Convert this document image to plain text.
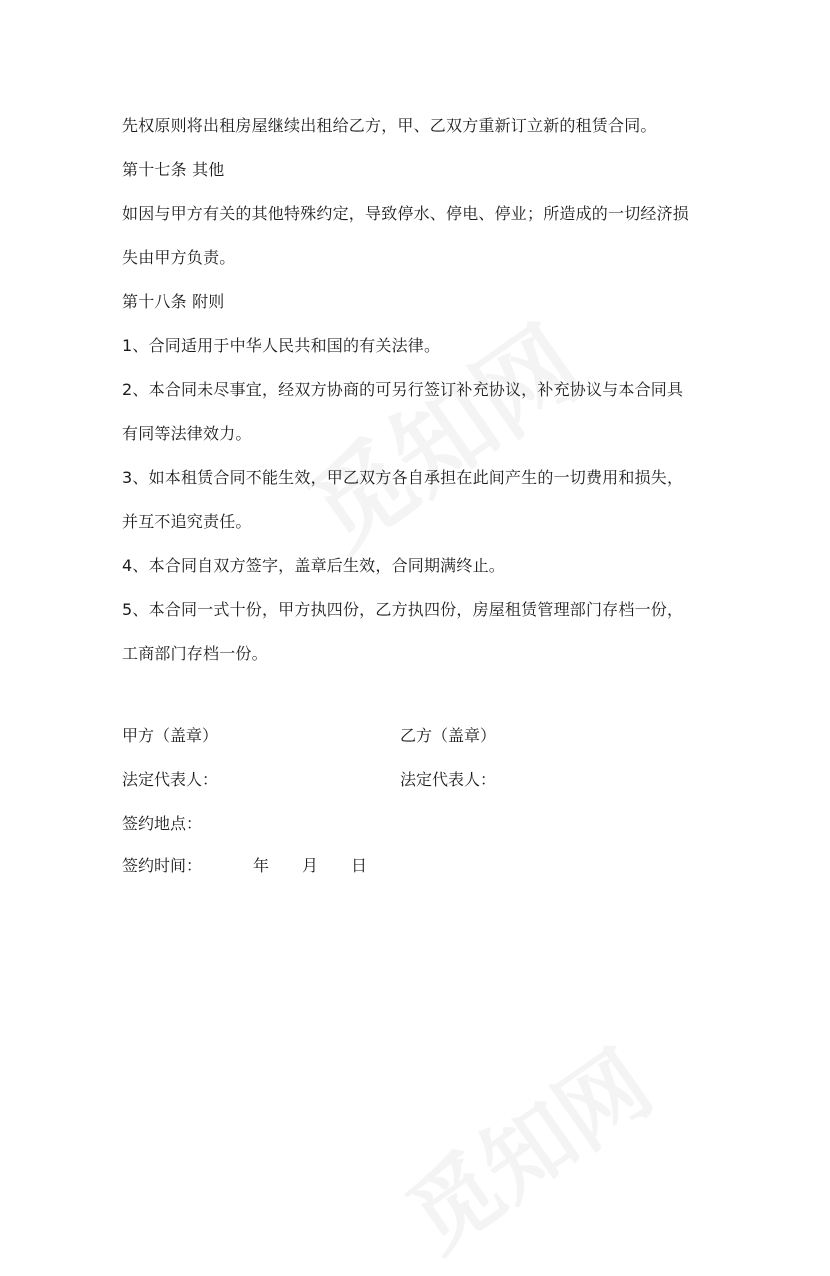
先权原则将出租房屋继续出租给乙方，甲、乙双方重新订立新的租赁合同。
第十七条 其他
如因与甲方有关的其他特殊约定，导致停水、停电、停业；所造成的一切经济损
失由甲方负责。
第十八条 附则
1、合同适用于中华人民共和国的有关法律。
2、本合同未尽事宜，经双方协商的可另行签订补充协议，补充协议与本合同具
有同等法律效力。
3、如本租赁合同不能生效，甲乙双方各自承担在此间产生的一切费用和损失，
并互不追究责任。
4、本合同自双方签字，盖章后生效，合同期满终止。
5、本合同一式十份，甲方执四份，乙方执四份，房屋租赁管理部门存档一份，
工商部门存档一份。
甲方（盖章）	乙方（盖章）
法定代表人：	法定代表人：
签约地点：
签约时间：	年 月 日
